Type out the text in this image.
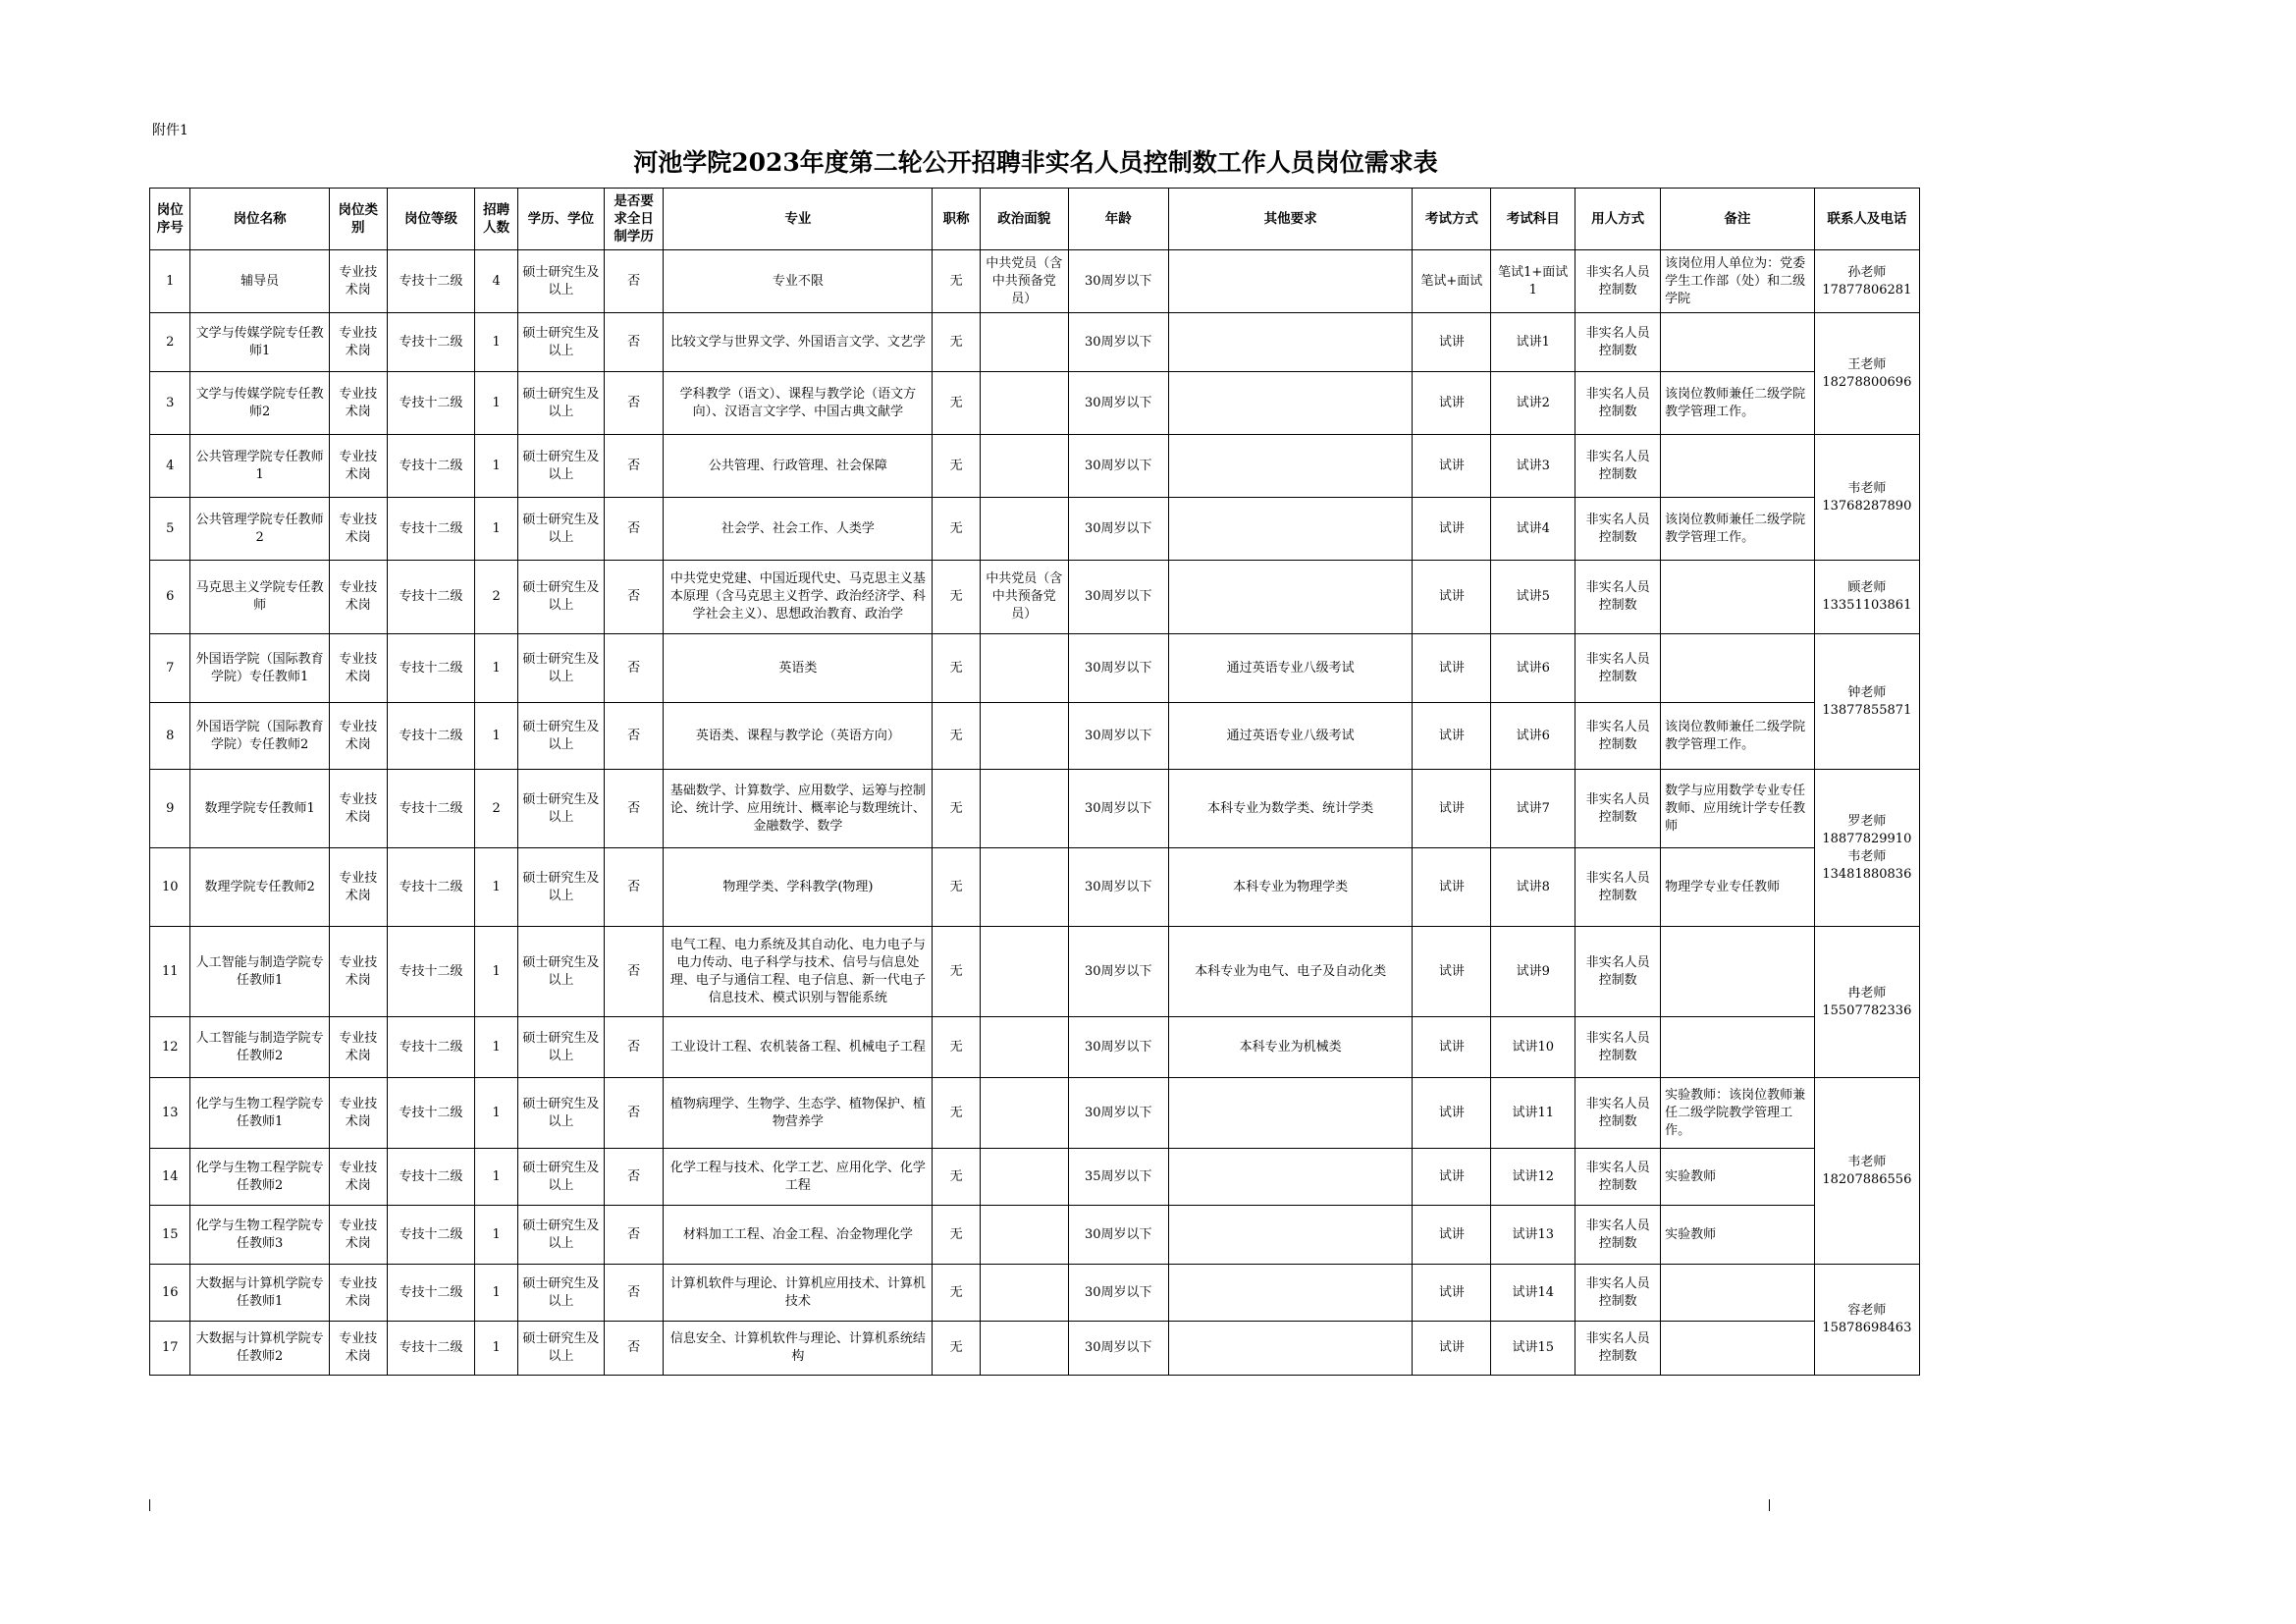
附件1
河池学院2023年度第二轮公开招聘非实名人员控制数工作人员岗位需求表
岗位序号	岗位名称	岗位类别	岗位等级	招聘人数	学历、学位	是否要求全日制学历	专业	职称	政治面貌	年龄	其他要求	考试方式	考试科目	用人方式	备注	联系人及电话
1	辅导员	专业技术岗	专技十二级	4	硕士研究生及以上	否	专业不限	无	中共党员（含中共预备党员）	30周岁以下		笔试+面试	笔试1+面试1	非实名人员控制数	该岗位用人单位为：党委学生工作部（处）和二级学院	孙老师
17877806281

2	文学与传媒学院专任教师1	专业技术岗	专技十二级	1	硕士研究生及以上	否	比较文学与世界文学、外国语言文学、文艺学	无		30周岁以下		试讲	试讲1	非实名人员控制数		王老师
18278800696

3	文学与传媒学院专任教师2	专业技术岗	专技十二级	1	硕士研究生及以上	否	学科教学（语文）、课程与教学论（语文方向）、汉语言文字学、中国古典文献学	无		30周岁以下		试讲	试讲2	非实名人员控制数	该岗位教师兼任二级学院教学管理工作。	
4	公共管理学院专任教师1	专业技术岗	专技十二级	1	硕士研究生及以上	否	公共管理、行政管理、社会保障	无		30周岁以下		试讲	试讲3	非实名人员控制数		韦老师
13768287890

5	公共管理学院专任教师2	专业技术岗	专技十二级	1	硕士研究生及以上	否	社会学、社会工作、人类学	无		30周岁以下		试讲	试讲4	非实名人员控制数	该岗位教师兼任二级学院教学管理工作。	
6	马克思主义学院专任教师	专业技术岗	专技十二级	2	硕士研究生及以上	否	中共党史党建、中国近现代史、马克思主义基本原理（含马克思主义哲学、政治经济学、科学社会主义）、思想政治教育、政治学	无	中共党员（含中共预备党员）	30周岁以下		试讲	试讲5	非实名人员控制数		顾老师
13351103861

7	外国语学院（国际教育学院）专任教师1	专业技术岗	专技十二级	1	硕士研究生及以上	否	英语类	无		30周岁以下	通过英语专业八级考试	试讲	试讲6	非实名人员控制数		钟老师
13877855871

8	外国语学院（国际教育学院）专任教师2	专业技术岗	专技十二级	1	硕士研究生及以上	否	英语类、课程与教学论（英语方向）	无		30周岁以下	通过英语专业八级考试	试讲	试讲6	非实名人员控制数	该岗位教师兼任二级学院教学管理工作。	
9	数理学院专任教师1	专业技术岗	专技十二级	2	硕士研究生及以上	否	基础数学、计算数学、应用数学、运筹与控制论、统计学、应用统计、概率论与数理统计、金融数学、数学	无		30周岁以下	本科专业为数学类、统计学类	试讲	试讲7	非实名人员控制数	数学与应用数学专业专任教师、应用统计学专任教师	罗老师
18877829910
韦老师
13481880836

10	数理学院专任教师2	专业技术岗	专技十二级	1	硕士研究生及以上	否	物理学类、学科教学(物理)	无		30周岁以下	本科专业为物理学类	试讲	试讲8	非实名人员控制数	物理学专业专任教师	
11	人工智能与制造学院专任教师1	专业技术岗	专技十二级	1	硕士研究生及以上	否	电气工程、电力系统及其自动化、电力电子与电力传动、电子科学与技术、信号与信息处理、电子与通信工程、电子信息、新一代电子信息技术、模式识别与智能系统	无		30周岁以下	本科专业为电气、电子及自动化类	试讲	试讲9	非实名人员控制数		冉老师
15507782336

12	人工智能与制造学院专任教师2	专业技术岗	专技十二级	1	硕士研究生及以上	否	工业设计工程、农机装备工程、机械电子工程	无		30周岁以下	本科专业为机械类	试讲	试讲10	非实名人员控制数		
13	化学与生物工程学院专任教师1	专业技术岗	专技十二级	1	硕士研究生及以上	否	植物病理学、生物学、生态学、植物保护、植物营养学	无		30周岁以下		试讲	试讲11	非实名人员控制数	实验教师：该岗位教师兼任二级学院教学管理工作。	韦老师
18207886556

14	化学与生物工程学院专任教师2	专业技术岗	专技十二级	1	硕士研究生及以上	否	化学工程与技术、化学工艺、应用化学、化学工程	无		35周岁以下		试讲	试讲12	非实名人员控制数	实验教师	
15	化学与生物工程学院专任教师3	专业技术岗	专技十二级	1	硕士研究生及以上	否	材料加工工程、冶金工程、冶金物理化学	无		30周岁以下		试讲	试讲13	非实名人员控制数	实验教师	
16	大数据与计算机学院专任教师1	专业技术岗	专技十二级	1	硕士研究生及以上	否	计算机软件与理论、计算机应用技术、计算机技术	无		30周岁以下		试讲	试讲14	非实名人员控制数		容老师
15878698463

17	大数据与计算机学院专任教师2	专业技术岗	专技十二级	1	硕士研究生及以上	否	信息安全、计算机软件与理论、计算机系统结构	无		30周岁以下		试讲	试讲15	非实名人员控制数		
